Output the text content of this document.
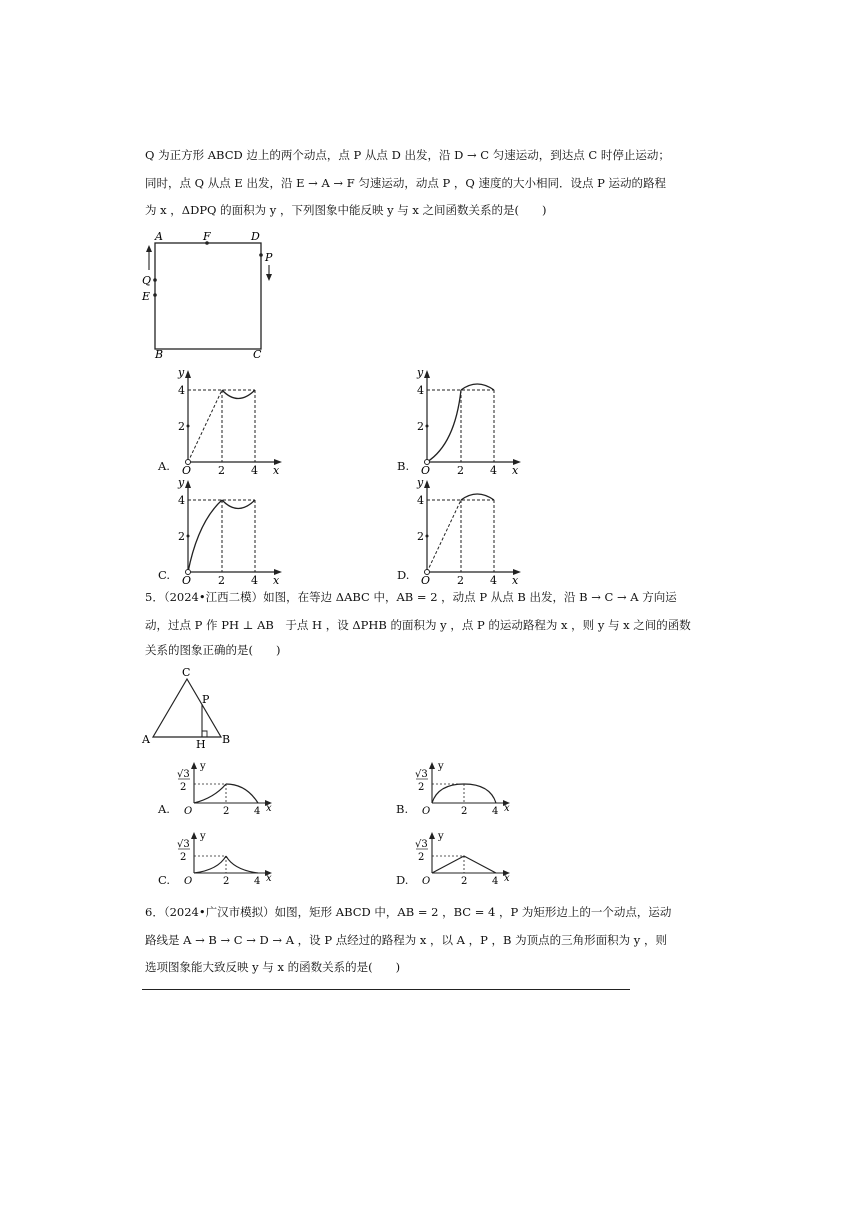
Q 为正方形 ABCD 边上的两个动点，点 P 从点 D 出发，沿 D → C 匀速运动，到达点 C 时停止运动；
同时，点 Q 从点 E 出发，沿 E → A → F 匀速运动，动点 P ，Q 速度的大小相同．设点 P 运动的路程
为 x ，ΔDPQ 的面积为 y ，下列图象中能反映 y 与 x 之间函数关系的是(　　)
A	F	D
P
Q
E
B	C
y
4
2
O 2 4 x
A.
y
4
2
O 2 4 x
B.
y
4
2
O 2 4 x
C.
y
4
2
O 2 4 x
D.
5．（2024•江西二模）如图，在等边 ΔABC 中，AB = 2 ，动点 P 从点 B 出发，沿 B → C → A 方向运
动，过点 P 作 PH ⊥ AB　于点 H ，设 ΔPHB 的面积为 y ，点 P 的运动路程为 x ，则 y 与 x 之间的函数
关系的图象正确的是(　　)
C
P
A	H B
√3
2
y
O	2 4 x
A.
√3
2
y
O	2 4 x
B.
√3
2
y
O	2 4 x
C.
√3
2
y
O	2 4 x
D.
6．（2024•广汉市模拟）如图，矩形 ABCD 中，AB = 2 ，BC = 4 ，P 为矩形边上的一个动点，运动
路线是 A → B → C → D → A ，设 P 点经过的路程为 x ，以 A ，P ，B 为顶点的三角形面积为 y ，则
选项图象能大致反映 y 与 x 的函数关系的是(　　)
